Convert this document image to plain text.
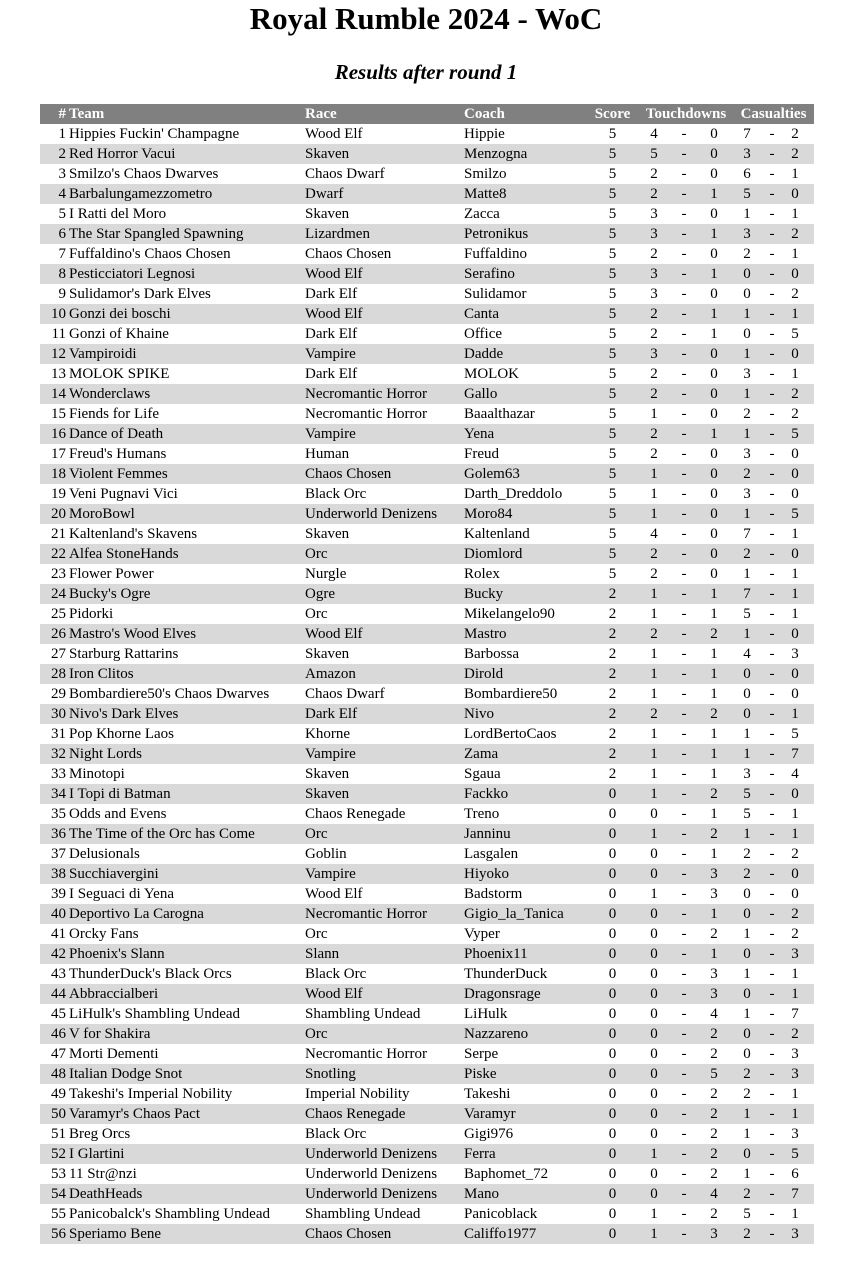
Royal Rumble 2024 - WoC
Results after round 1
#	Team	Race	Coach	Score	Touchdowns	Casualties
1	Hippies Fuckin' Champagne	Wood Elf	Hippie	5	4 - 0	7 - 2
2	Red Horror Vacui	Skaven	Menzogna	5	5 - 0	3 - 2
3	Smilzo's Chaos Dwarves	Chaos Dwarf	Smilzo	5	2 - 0	6 - 1
4	Barbalungamezzometro	Dwarf	Matte8	5	2 - 1	5 - 0
5	I Ratti del Moro	Skaven	Zacca	5	3 - 0	1 - 1
6	The Star Spangled Spawning	Lizardmen	Petronikus	5	3 - 1	3 - 2
7	Fuffaldino's Chaos Chosen	Chaos Chosen	Fuffaldino	5	2 - 0	2 - 1
8	Pesticciatori Legnosi	Wood Elf	Serafino	5	3 - 1	0 - 0
9	Sulidamor's Dark Elves	Dark Elf	Sulidamor	5	3 - 0	0 - 2
10	Gonzi dei boschi	Wood Elf	Canta	5	2 - 1	1 - 1
11	Gonzi of Khaine	Dark Elf	Office	5	2 - 1	0 - 5
12	Vampiroidi	Vampire	Dadde	5	3 - 0	1 - 0
13	MOLOK SPIKE	Dark Elf	MOLOK	5	2 - 0	3 - 1
14	Wonderclaws	Necromantic Horror	Gallo	5	2 - 0	1 - 2
15	Fiends for Life	Necromantic Horror	Baaalthazar	5	1 - 0	2 - 2
16	Dance of Death	Vampire	Yena	5	2 - 1	1 - 5
17	Freud's Humans	Human	Freud	5	2 - 0	3 - 0
18	Violent Femmes	Chaos Chosen	Golem63	5	1 - 0	2 - 0
19	Veni Pugnavi Vici	Black Orc	Darth_Dreddolo	5	1 - 0	3 - 0
20	MoroBowl	Underworld Denizens	Moro84	5	1 - 0	1 - 5
21	Kaltenland's Skavens	Skaven	Kaltenland	5	4 - 0	7 - 1
22	Alfea StoneHands	Orc	Diomlord	5	2 - 0	2 - 0
23	Flower Power	Nurgle	Rolex	5	2 - 0	1 - 1
24	Bucky's Ogre	Ogre	Bucky	2	1 - 1	7 - 1
25	Pidorki	Orc	Mikelangelo90	2	1 - 1	5 - 1
26	Mastro's Wood Elves	Wood Elf	Mastro	2	2 - 2	1 - 0
27	Starburg Rattarins	Skaven	Barbossa	2	1 - 1	4 - 3
28	Iron Clitos	Amazon	Dirold	2	1 - 1	0 - 0
29	Bombardiere50's Chaos Dwarves	Chaos Dwarf	Bombardiere50	2	1 - 1	0 - 0
30	Nivo's Dark Elves	Dark Elf	Nivo	2	2 - 2	0 - 1
31	Pop Khorne Laos	Khorne	LordBertoCaos	2	1 - 1	1 - 5
32	Night Lords	Vampire	Zama	2	1 - 1	1 - 7
33	Minotopi	Skaven	Sgaua	2	1 - 1	3 - 4
34	I Topi di Batman	Skaven	Fackko	0	1 - 2	5 - 0
35	Odds and Evens	Chaos Renegade	Treno	0	0 - 1	5 - 1
36	The Time of the Orc has Come	Orc	Janninu	0	1 - 2	1 - 1
37	Delusionals	Goblin	Lasgalen	0	0 - 1	2 - 2
38	Succhiavergini	Vampire	Hiyoko	0	0 - 3	2 - 0
39	I Seguaci di Yena	Wood Elf	Badstorm	0	1 - 3	0 - 0
40	Deportivo La Carogna	Necromantic Horror	Gigio_la_Tanica	0	0 - 1	0 - 2
41	Orcky Fans	Orc	Vyper	0	0 - 2	1 - 2
42	Phoenix's Slann	Slann	Phoenix11	0	0 - 1	0 - 3
43	ThunderDuck's Black Orcs	Black Orc	ThunderDuck	0	0 - 3	1 - 1
44	Abbraccialberi	Wood Elf	Dragonsrage	0	0 - 3	0 - 1
45	LiHulk's Shambling Undead	Shambling Undead	LiHulk	0	0 - 4	1 - 7
46	V for Shakira	Orc	Nazzareno	0	0 - 2	0 - 2
47	Morti Dementi	Necromantic Horror	Serpe	0	0 - 2	0 - 3
48	Italian Dodge Snot	Snotling	Piske	0	0 - 5	2 - 3
49	Takeshi's Imperial Nobility	Imperial Nobility	Takeshi	0	0 - 2	2 - 1
50	Varamyr's Chaos Pact	Chaos Renegade	Varamyr	0	0 - 2	1 - 1
51	Breg Orcs	Black Orc	Gigi976	0	0 - 2	1 - 3
52	I Glartini	Underworld Denizens	Ferra	0	1 - 2	0 - 5
53	11 Str@nzi	Underworld Denizens	Baphomet_72	0	0 - 2	1 - 6
54	DeathHeads	Underworld Denizens	Mano	0	0 - 4	2 - 7
55	Panicobalck's Shambling Undead	Shambling Undead	Panicoblack	0	1 - 2	5 - 1
56	Speriamo Bene	Chaos Chosen	Califfo1977	0	1 - 3	2 - 3
